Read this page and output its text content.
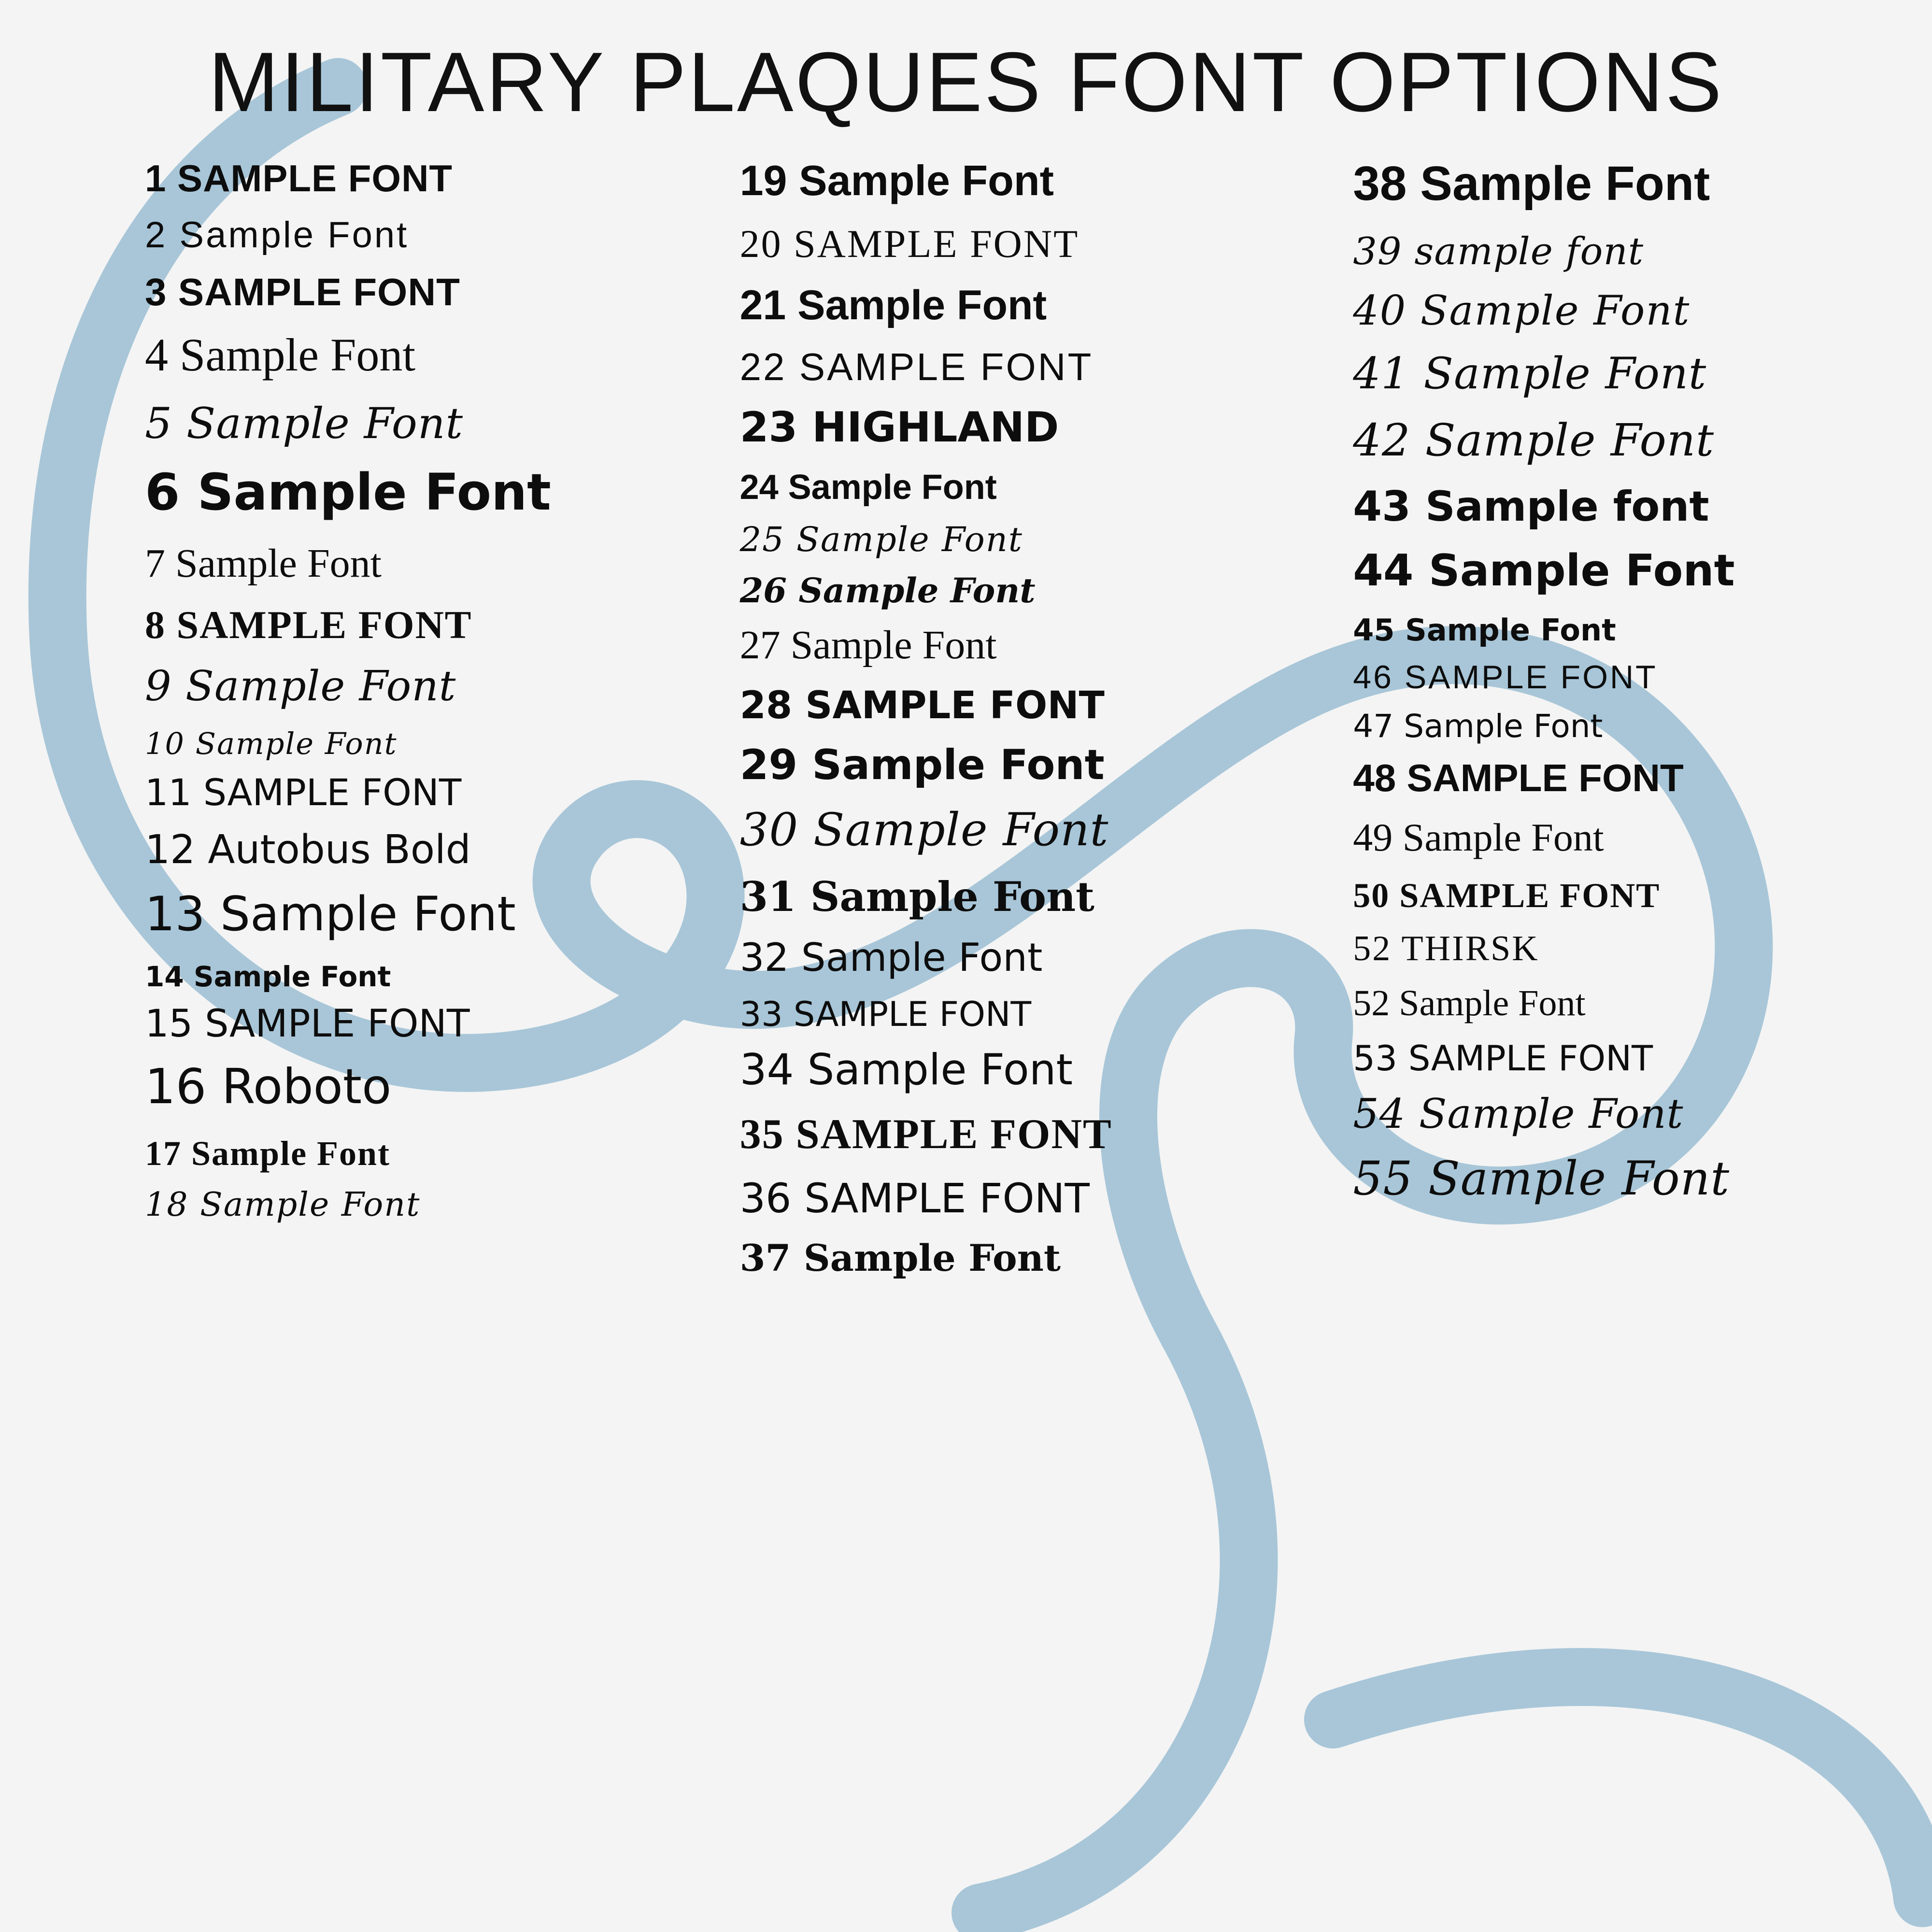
MILITARY PLAQUES FONT OPTIONS
1 SAMPLE FONT
2 Sample Font
3 SAMPLE FONT
4 Sample Font
5 Sample Font
6 Sample Font
7 Sample Font
8 SAMPLE FONT
9 Sample Font
10 Sample Font
11 SAMPLE FONT
12 Autobus Bold
13 Sample Font
14 Sample Font
15 SAMPLE FONT
16 Roboto
17 Sample Font
18 Sample Font
19 Sample Font
20 SAMPLE FONT
21 Sample Font
22 SAMPLE FONT
23 HIGHLAND
24 Sample Font
25 Sample Font
26 Sample Font
27 Sample Font
28 SAMPLE FONT
29 Sample Font
30 Sample Font
31 Sample Font
32 Sample Font
33 SAMPLE FONT
34 Sample Font
35 SAMPLE FONT
36 SAMPLE FONT
37 Sample Font
38 Sample Font
39 sample font
40 Sample Font
41 Sample Font
42 Sample Font
43 Sample font
44 Sample Font
45 Sample Font
46 SAMPLE FONT
47 Sample Font
48 SAMPLE FONT
49 Sample Font
50 SAMPLE FONT
52 THIRSK
52 Sample Font
53 SAMPLE FONT
54 Sample Font
55 Sample Font
